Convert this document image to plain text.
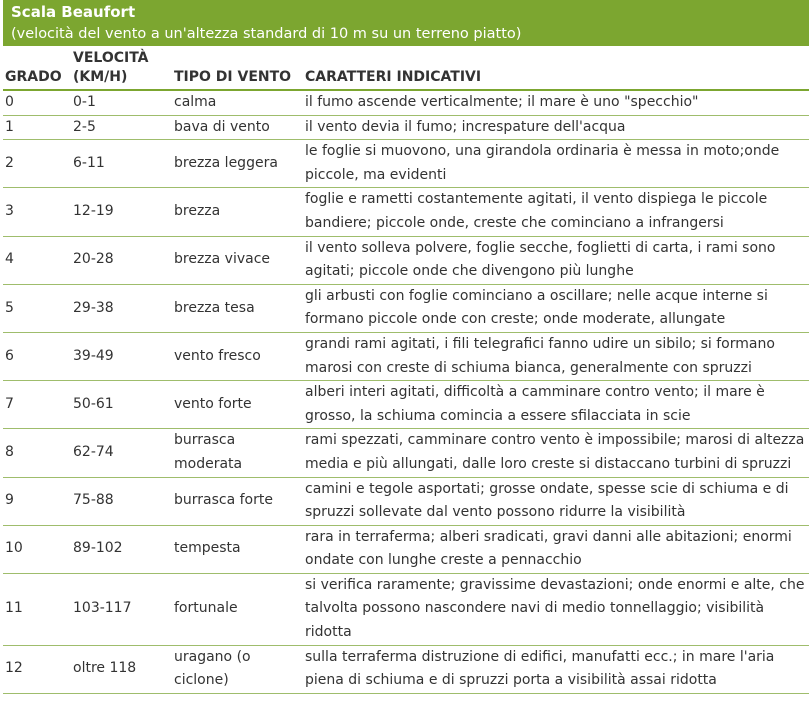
Scala Beaufort
(velocità del vento a un'altezza standard di 10 m su un terreno piatto)
GRADO	VELOCITÀ (KM/H)	TIPO DI VENTO	CARATTERI INDICATIVI
0	0-1	calma	il fumo ascende verticalmente; il mare è uno "specchio"
1	2-5	bava di vento	il vento devia il fumo; increspature dell'acqua
2	6-11	brezza leggera	le foglie si muovono, una girandola ordinaria è messa in moto;onde piccole, ma evidenti
3	12-19	brezza	foglie e rametti costantemente agitati, il vento dispiega le piccole bandiere; piccole onde, creste che cominciano a infrangersi
4	20-28	brezza vivace	il vento solleva polvere, foglie secche, foglietti di carta, i rami sono agitati; piccole onde che divengono più lunghe
5	29-38	brezza tesa	gli arbusti con foglie cominciano a oscillare; nelle acque interne si formano piccole onde con creste; onde moderate, allungate
6	39-49	vento fresco	grandi rami agitati, i fili telegrafici fanno udire un sibilo; si formano marosi con creste di schiuma bianca, generalmente con spruzzi
7	50-61	vento forte	alberi interi agitati, difficoltà a camminare contro vento; il mare è grosso, la schiuma comincia a essere sfilacciata in scie
8	62-74	burrasca moderata	rami spezzati, camminare contro vento è impossibile; marosi di altezza media e più allungati, dalle loro creste si distaccano turbini di spruzzi
9	75-88	burrasca forte	camini e tegole asportati; grosse ondate, spesse scie di schiuma e di spruzzi sollevate dal vento possono ridurre la visibilità
10	89-102	tempesta	rara in terraferma; alberi sradicati, gravi danni alle abitazioni; enormi ondate con lunghe creste a pennacchio
11	103-117	fortunale	si verifica raramente; gravissime devastazioni; onde enormi e alte, che talvolta possono nascondere navi di medio tonnellaggio; visibilità ridotta
12	oltre 118	uragano (o ciclone)	sulla terraferma distruzione di edifici, manufatti ecc.; in mare l'aria piena di schiuma e di spruzzi porta a visibilità assai ridotta
